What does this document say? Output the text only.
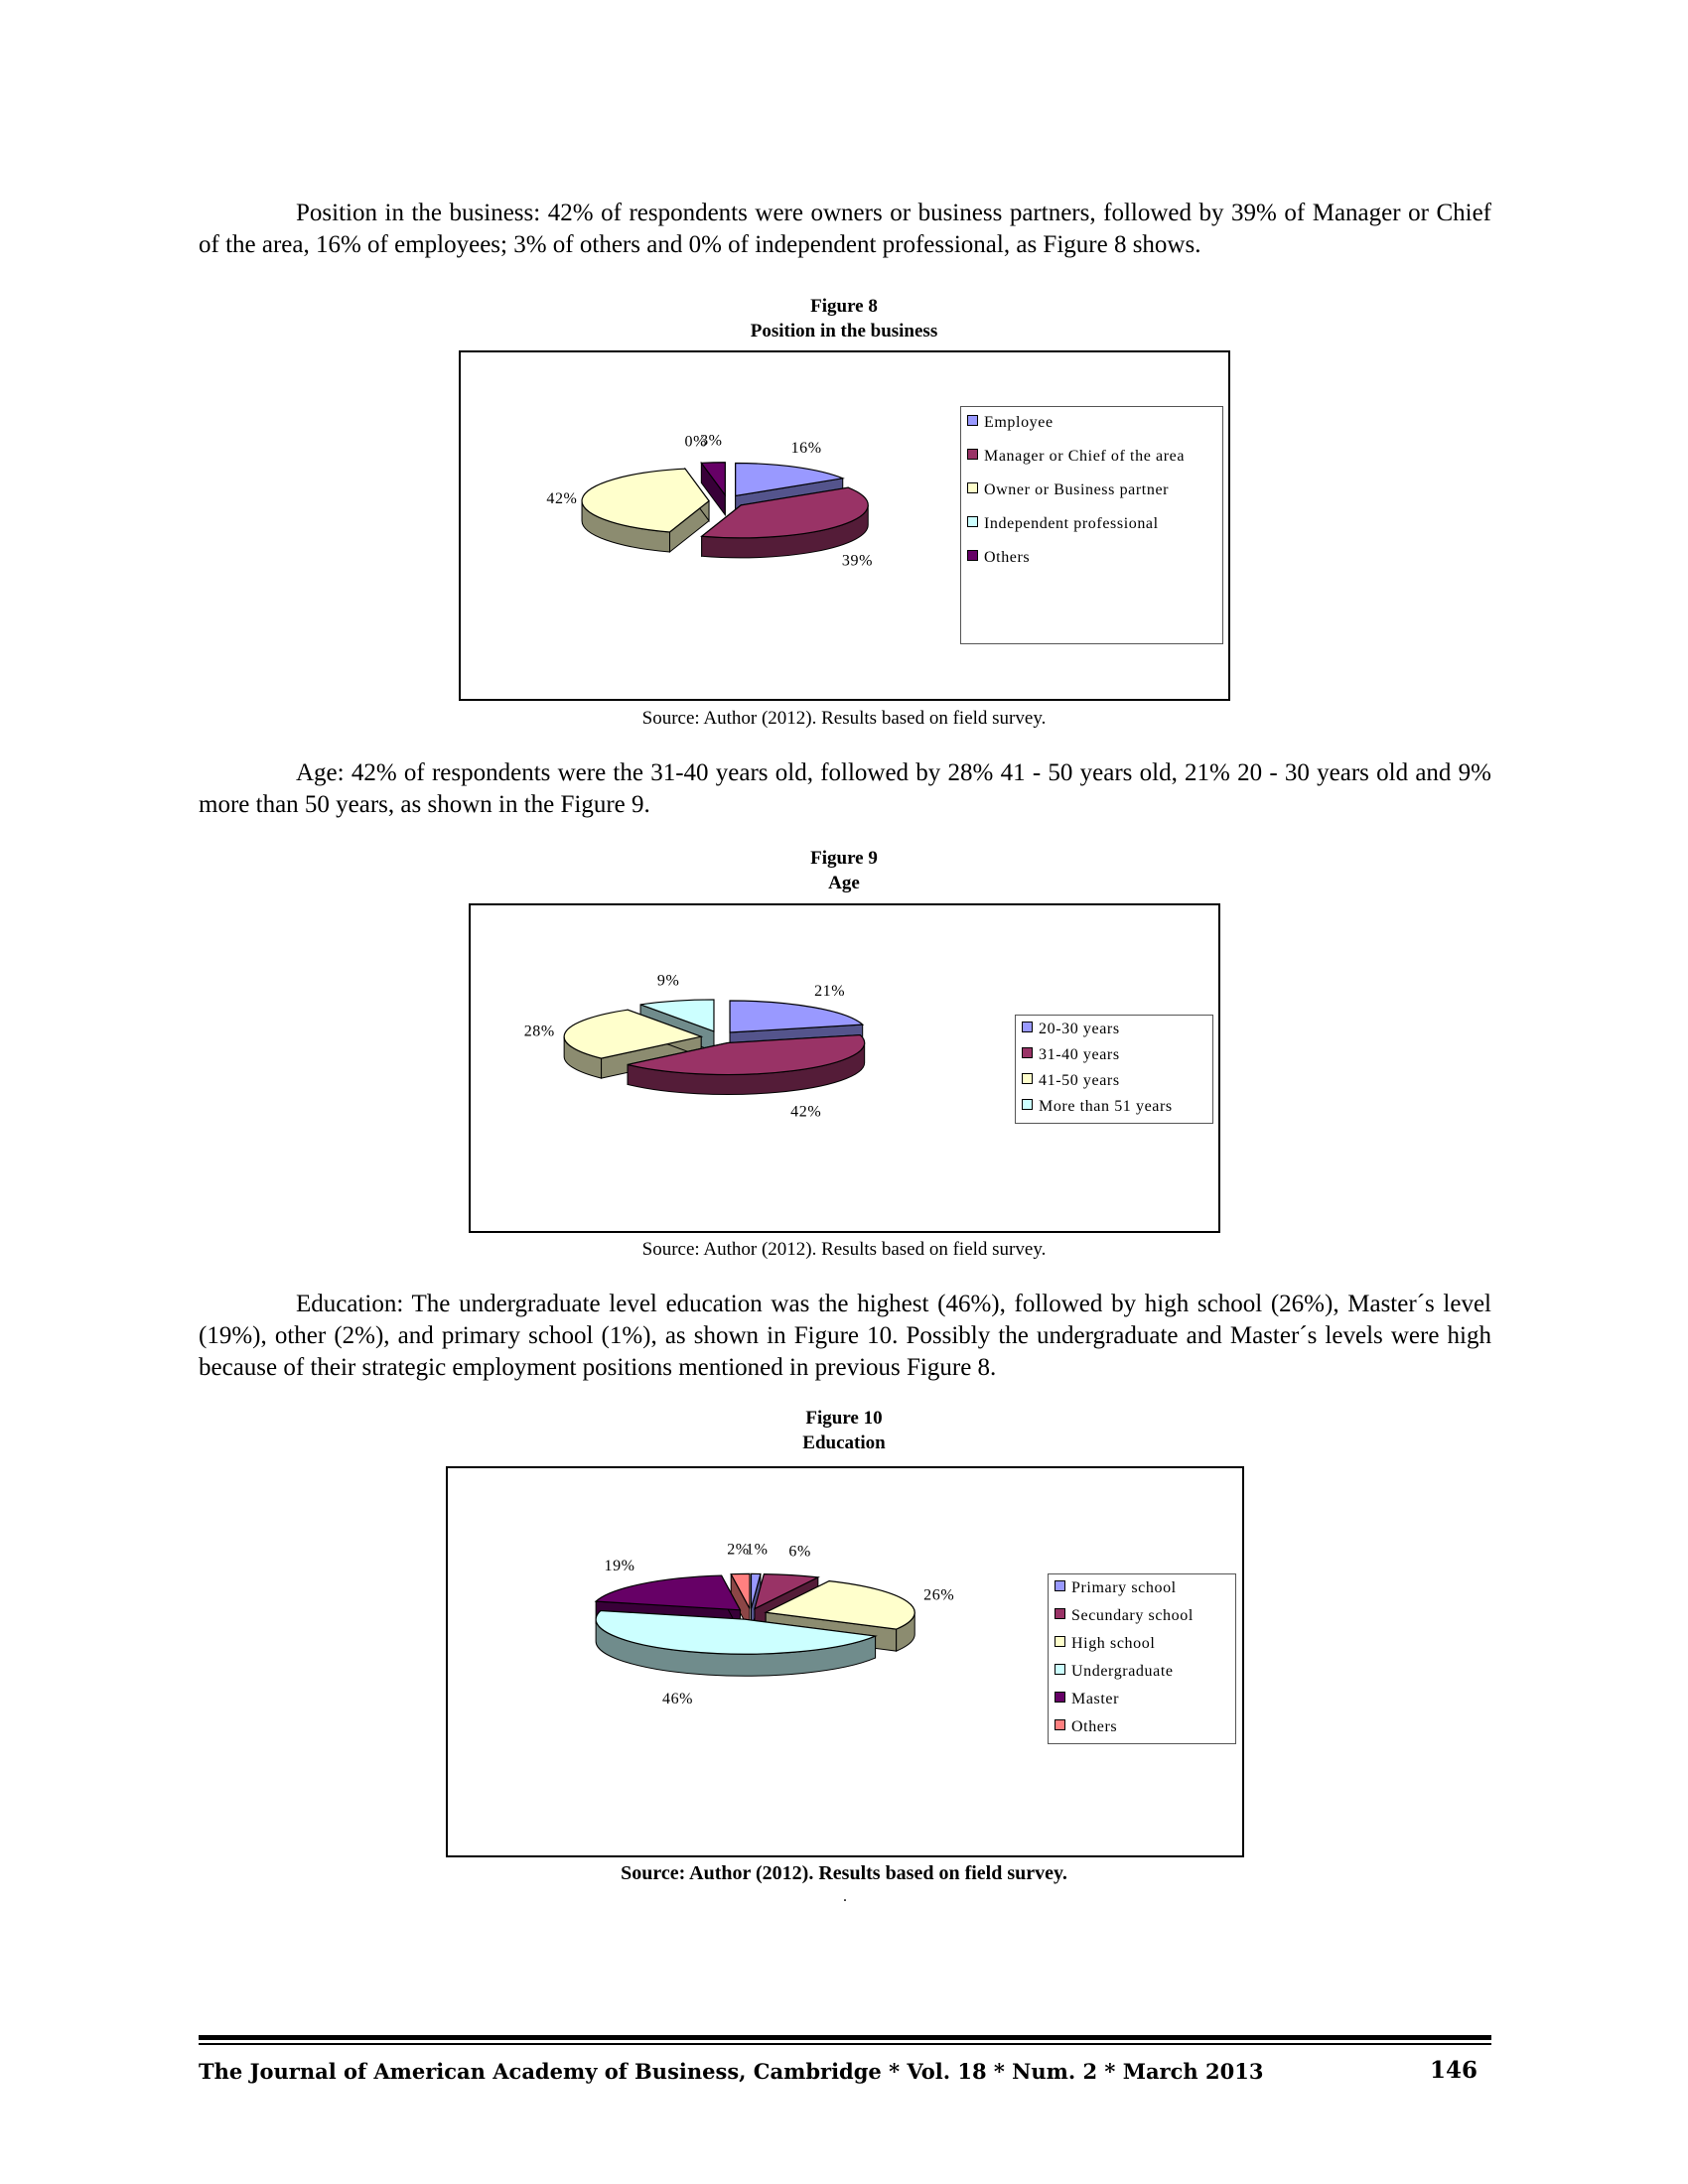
Position in the business: 42% of respondents were owners or business partners, followed by 39% of Manager or Chief of the area, 16% of employees; 3% of others and 0% of independent professional, as Figure 8 shows.

Figure 8
Position in the business
16%
39%
42%
0%
3%
Employee
Manager or Chief of the area
Owner or Business partner
Independent professional
Others
Source: Author (2012). Results based on field survey.

Age: 42% of respondents were the 31-40 years old, followed by 28% 41 - 50 years old, 21% 20 - 30 years old and 9% more than 50 years, as shown in the Figure 9.

Figure 9
Age
21%
42%
28%
9%
20-30 years
31-40 years
41-50 years
More than 51 years
Source: Author (2012). Results based on field survey.

Education: The undergraduate level education was the highest (46%), followed by high school (26%), Master´s level (19%), other (2%), and primary school (1%), as shown in Figure 10. Possibly the undergraduate and Master´s levels were high because of their strategic employment positions mentioned in previous Figure 8.

Figure 10
Education
1% 6%
26%
46%
19%
2%
Primary school
Secundary school
High school
Undergraduate
Master
Others
Source: Author (2012). Results based on field survey.
.
The Journal of American Academy of Business, Cambridge * Vol. 18 * Num. 2 * March 2013	146
